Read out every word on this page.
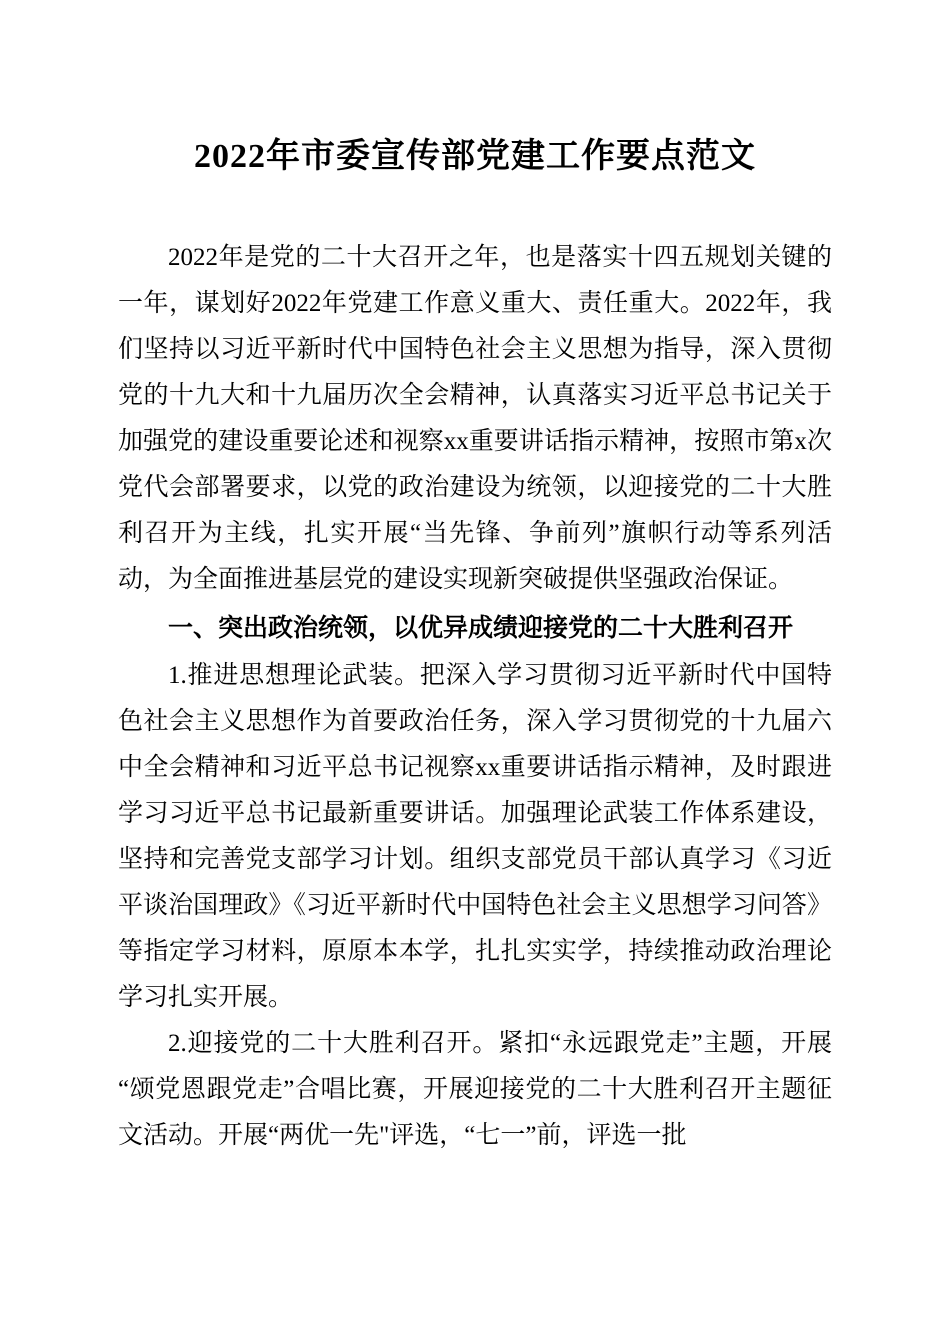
2022年市委宣传部党建工作要点范文

2022年是党的二十大召开之年，也是落实十四五规划关键的一年，谋划好2022年党建工作意义重大、责任重大。2022年，我们坚持以习近平新时代中国特色社会主义思想为指导，深入贯彻党的十九大和十九届历次全会精神，认真落实习近平总书记关于加强党的建设重要论述和视察xx重要讲话指示精神，按照市第x次党代会部署要求，以党的政治建设为统领，以迎接党的二十大胜利召开为主线，扎实开展“当先锋、争前列”旗帜行动等系列活动，为全面推进基层党的建设实现新突破提供坚强政治保证。

一、突出政治统领，以优异成绩迎接党的二十大胜利召开

1.推进思想理论武装。把深入学习贯彻习近平新时代中国特色社会主义思想作为首要政治任务，深入学习贯彻党的十九届六中全会精神和习近平总书记视察xx重要讲话指示精神，及时跟进学习习近平总书记最新重要讲话。加强理论武装工作体系建设，坚持和完善党支部学习计划。组织支部党员干部认真学习《习近平谈治国理政》《习近平新时代中国特色社会主义思想学习问答》等指定学习材料，原原本本学，扎扎实实学，持续推动政治理论学习扎实开展。

2.迎接党的二十大胜利召开。紧扣“永远跟党走”主题，开展“颂党恩跟党走”合唱比赛，开展迎接党的二十大胜利召开主题征文活动。开展“两优一先"评选，“七一”前，评选一批
